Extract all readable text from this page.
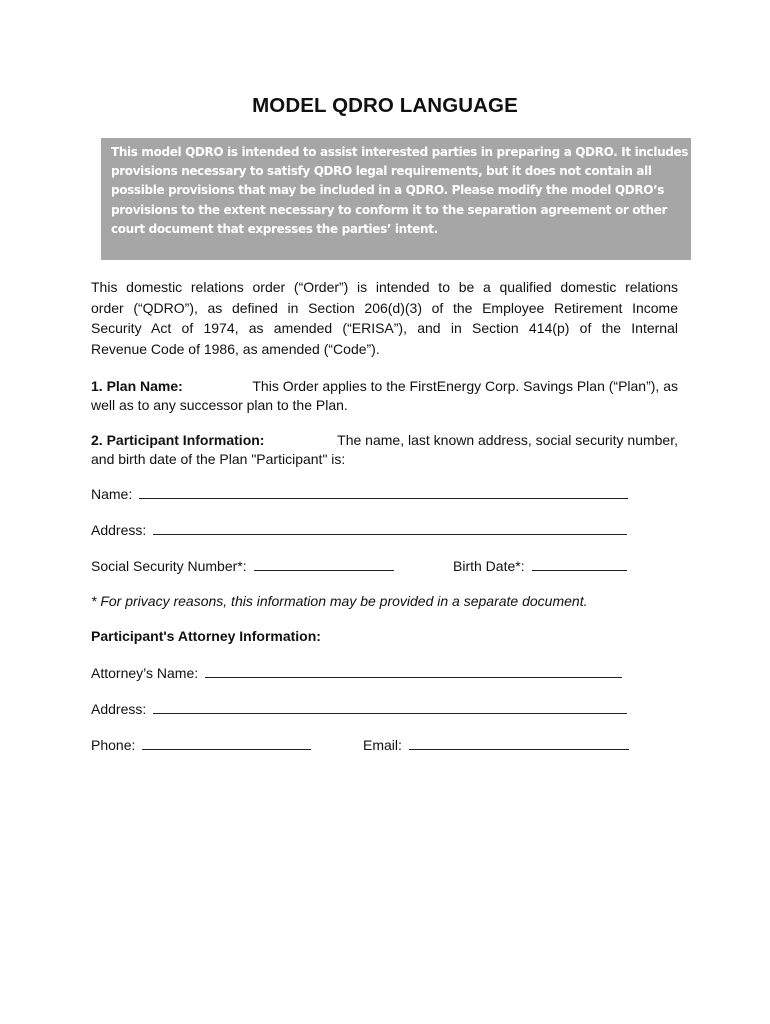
MODEL QDRO LANGUAGE
This model QDRO is intended to assist interested parties in preparing a QDRO. It includes
provisions necessary to satisfy QDRO legal requirements, but it does not contain all
possible provisions that may be included in a QDRO. Please modify the model QDRO’s
provisions to the extent necessary to conform it to the separation agreement or other
court document that expresses the parties’ intent.
This domestic relations order (“Order”) is intended to be a qualified domestic relations
order (“QDRO”), as defined in Section 206(d)(3) of the Employee Retirement Income
Security Act of 1974, as amended (“ERISA”), and in Section 414(p) of the Internal
Revenue Code of 1986, as amended (“Code”).
1. Plan Name:	This Order applies to the FirstEnergy Corp. Savings Plan (“Plan”), as
well as to any successor plan to the Plan.
2. Participant Information:	The name, last known address, social security number,
and birth date of the Plan "Participant" is:
Name:
Address:
Social Security Number*:	Birth Date*:
* For privacy reasons, this information may be provided in a separate document.
Participant's Attorney Information:
Attorney’s Name:
Address:
Phone:	Email:
